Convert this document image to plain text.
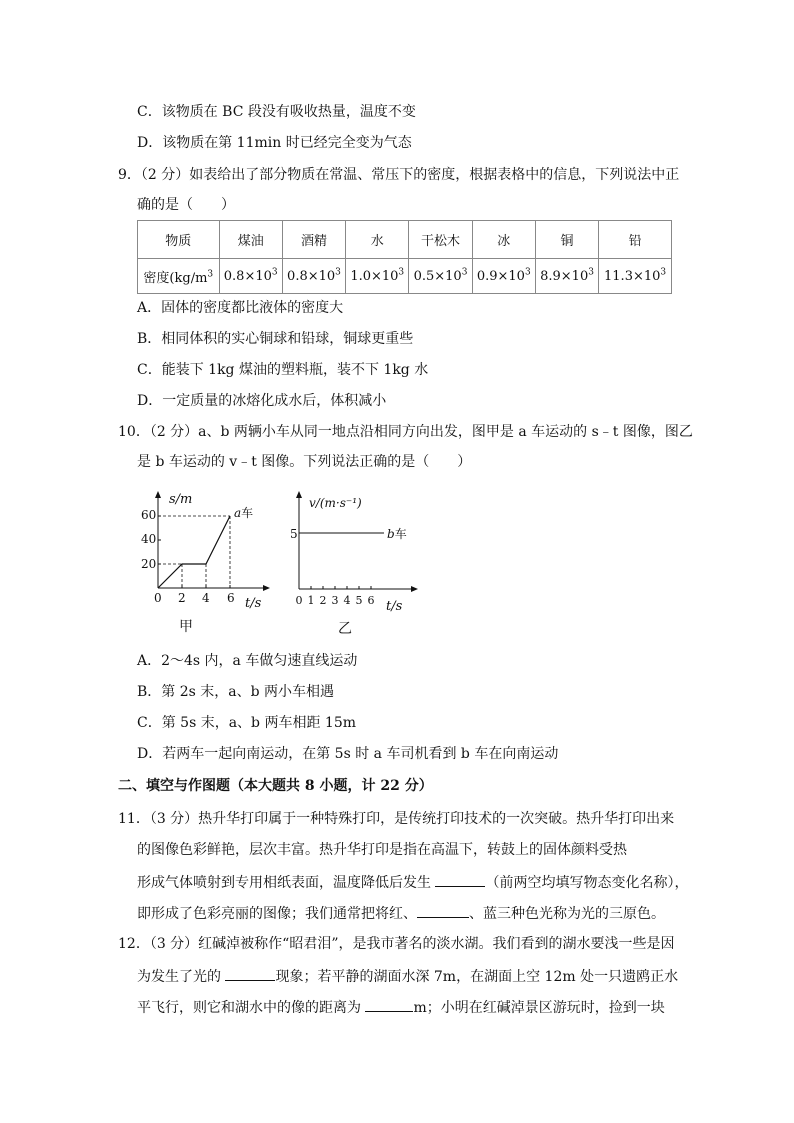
C．该物质在 BC 段没有吸收热量，温度不变
D．该物质在第 11min 时已经完全变为气态
9．（2 分）如表给出了部分物质在常温、常压下的密度，根据表格中的信息，下列说法中正
确的是（　　）
物质	煤油	酒精	水	干松木	冰	铜	铅
密度($kg/m^3$	$0.8\times 10^3$	$0.8\times 10^3$	$1.0\times 10^3$	$0.5\times 10^3$	$0.9\times 10^3$	$8.9\times 10^3$	$11.3\times 10^3$
A．固体的密度都比液体的密度大
B．相同体积的实心铜球和铅球，铜球更重些
C．能装下 1kg 煤油的塑料瓶，装不下 1kg 水
D．一定质量的冰熔化成水后，体积减小
10．（2 分）a、b 两辆小车从同一地点沿相同方向出发，图甲是 a 车运动的 s﹣t 图像，图乙
是 b 车运动的 v﹣t 图像。下列说法正确的是（　　）
s/m
t/s
60
40
20
0 2 4 6
a车
甲
v/(m·s⁻¹)
t/s
5
0 1 2 3 4 5 6
b车
乙
A．2～4s 内，a 车做匀速直线运动
B．第 2s 末，a、b 两小车相遇
C．第 5s 末，a、b 两车相距 15m
D．若两车一起向南运动，在第 5s 时 a 车司机看到 b 车在向南运动
二、填空与作图题（本大题共 8 小题，计 22 分）
11．（3 分）热升华打印属于一种特殊打印，是传统打印技术的一次突破。热升华打印出来
的图像色彩鲜艳，层次丰富。热升华打印是指在高温下，转鼓上的固体颜料受热
形成气体喷射到专用相纸表面，温度降低后发生	（前两空均填写物态变化名称），
即形成了色彩亮丽的图像；我们通常把将红、	、蓝三种色光称为光的三原色。
12．（3 分）红碱淖被称作“昭君泪”，是我市著名的淡水湖。我们看到的湖水要浅一些是因
为发生了光的	现象；若平静的湖面水深 7m，在湖面上空 12m 处一只遗鸥正水
平飞行，则它和湖水中的像的距离为	m；小明在红碱淖景区游玩时，捡到一块
